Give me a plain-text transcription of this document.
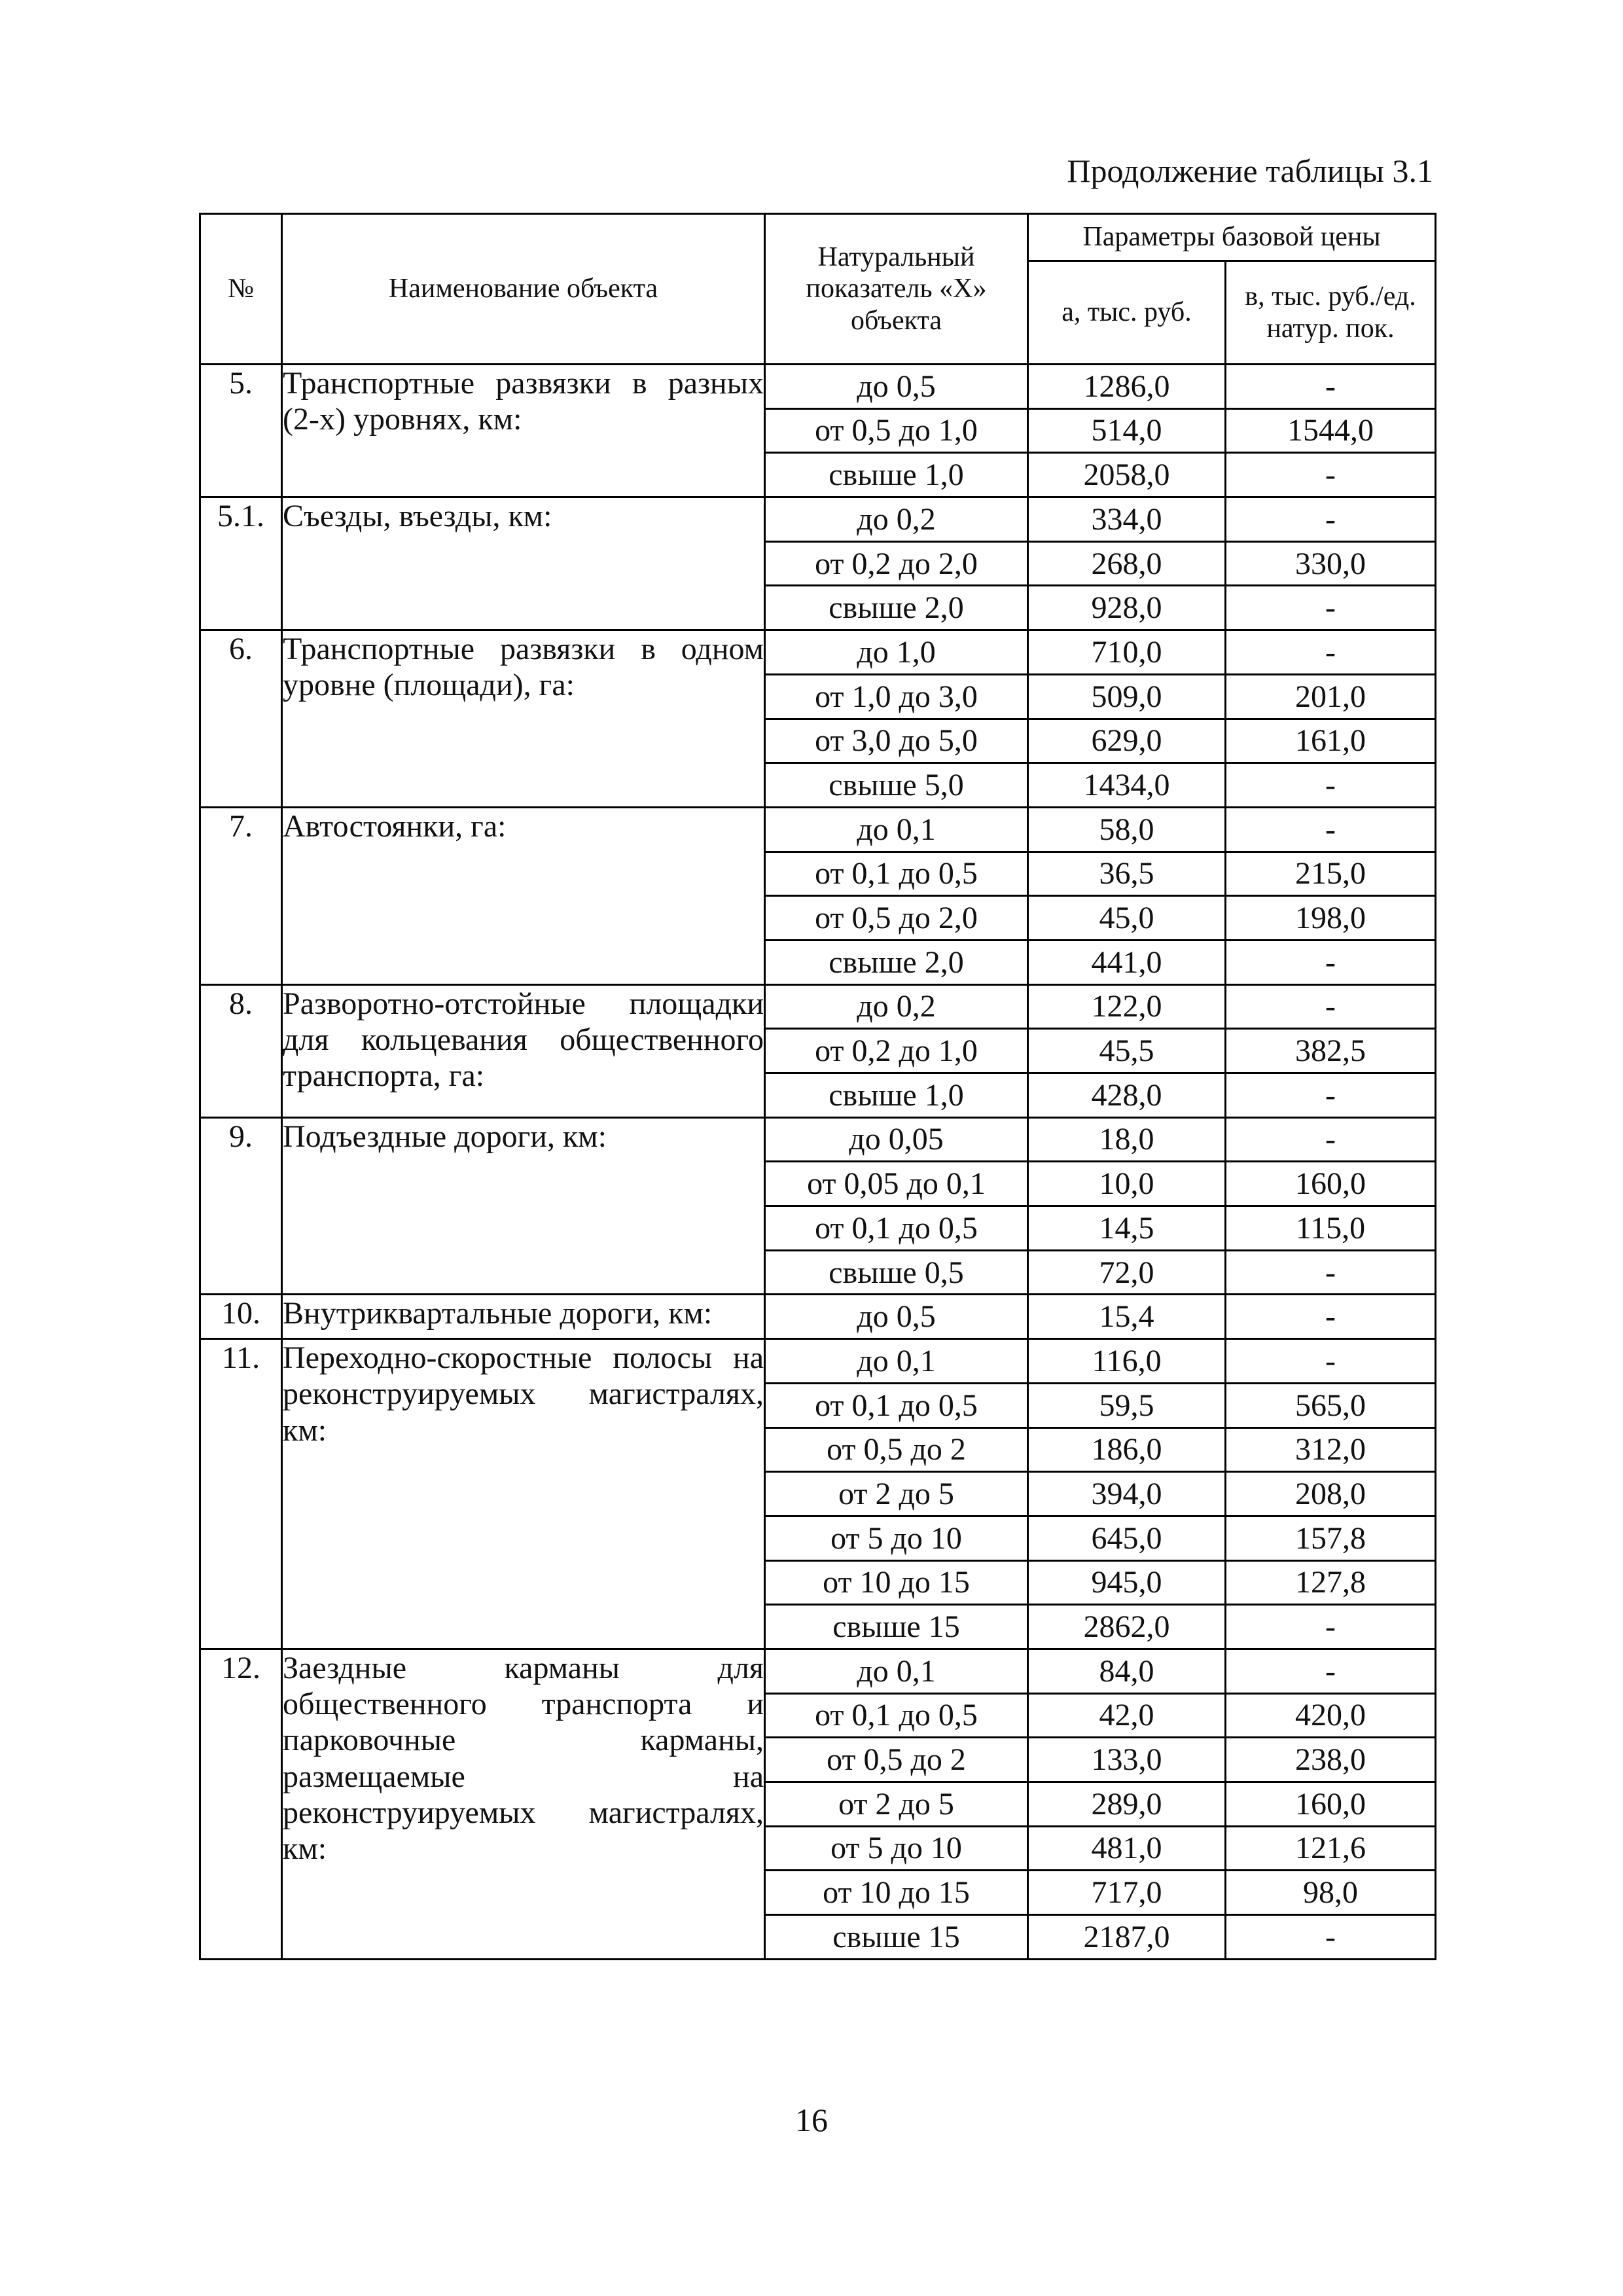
Продолжение таблицы 3.1
№	Наименование объекта	Натуральный показатель «X» объекта	Параметры базовой цены	
			а, тыс. руб.	в, тыс. руб./ед. натур. пок.
5.	Транспортные развязки в разных (2-х) уровнях, км:	до 0,5	1286,0	-
		от 0,5 до 1,0	514,0	1544,0
		свыше 1,0	2058,0	-
5.1.	Съезды, въезды, км:	до 0,2	334,0	-
		от 0,2 до 2,0	268,0	330,0
		свыше 2,0	928,0	-
6.	Транспортные развязки в одном уровне (площади), га:	до 1,0	710,0	-
		от 1,0 до 3,0	509,0	201,0
		от 3,0 до 5,0	629,0	161,0
		свыше 5,0	1434,0	-
7.	Автостоянки, га:	до 0,1	58,0	-
		от 0,1 до 0,5	36,5	215,0
		от 0,5 до 2,0	45,0	198,0
		свыше 2,0	441,0	-
8.	Разворотно-отстойные площадки для кольцевания общественного транспорта, га:	до 0,2	122,0	-
		от 0,2 до 1,0	45,5	382,5
		свыше 1,0	428,0	-
9.	Подъездные дороги, км:	до 0,05	18,0	-
		от 0,05 до 0,1	10,0	160,0
		от 0,1 до 0,5	14,5	115,0
		свыше 0,5	72,0	-
10.	Внутриквартальные дороги, км:	до 0,5	15,4	-
11.	Переходно-скоростные полосы на реконструируемых магистралях, км:	до 0,1	116,0	-
		от 0,1 до 0,5	59,5	565,0
		от 0,5 до 2	186,0	312,0
		от 2 до 5	394,0	208,0
		от 5 до 10	645,0	157,8
		от 10 до 15	945,0	127,8
		свыше 15	2862,0	-
12.	Заездные карманы для общественного транспорта и парковочные карманы, размещаемые на реконструируемых магистралях, км:	до 0,1	84,0	-
		от 0,1 до 0,5	42,0	420,0
		от 0,5 до 2	133,0	238,0
		от 2 до 5	289,0	160,0
		от 5 до 10	481,0	121,6
		от 10 до 15	717,0	98,0
		свыше 15	2187,0	-
16
